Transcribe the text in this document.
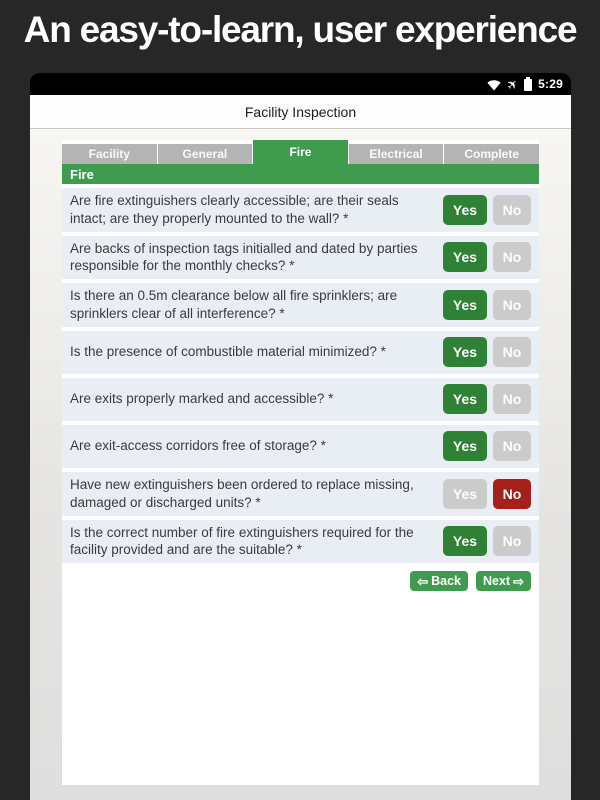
An easy-to-learn, user experience
✈ 5:29
Facility Inspection
Facility	General	Fire	Electrical	Complete
Fire
Are fire extinguishers clearly accessible; are their seals intact; are they properly mounted to the wall? *
Yes	No
Are backs of inspection tags initialled and dated by parties responsible for the monthly checks? *
Yes	No
Is there an 0.5m clearance below all fire sprinklers; are sprinklers clear of all interference? *
Yes	No
Is the presence of combustible material minimized? *	Yes	No
Are exits properly marked and accessible? *	Yes	No
Are exit-access corridors free of storage? *	Yes	No
Have new extinguishers been ordered to replace missing, damaged or discharged units? *
Yes	No
Is the correct number of fire extinguishers required for the facility provided and are the suitable? *
Yes	No
⇦ Back Next ⇨
